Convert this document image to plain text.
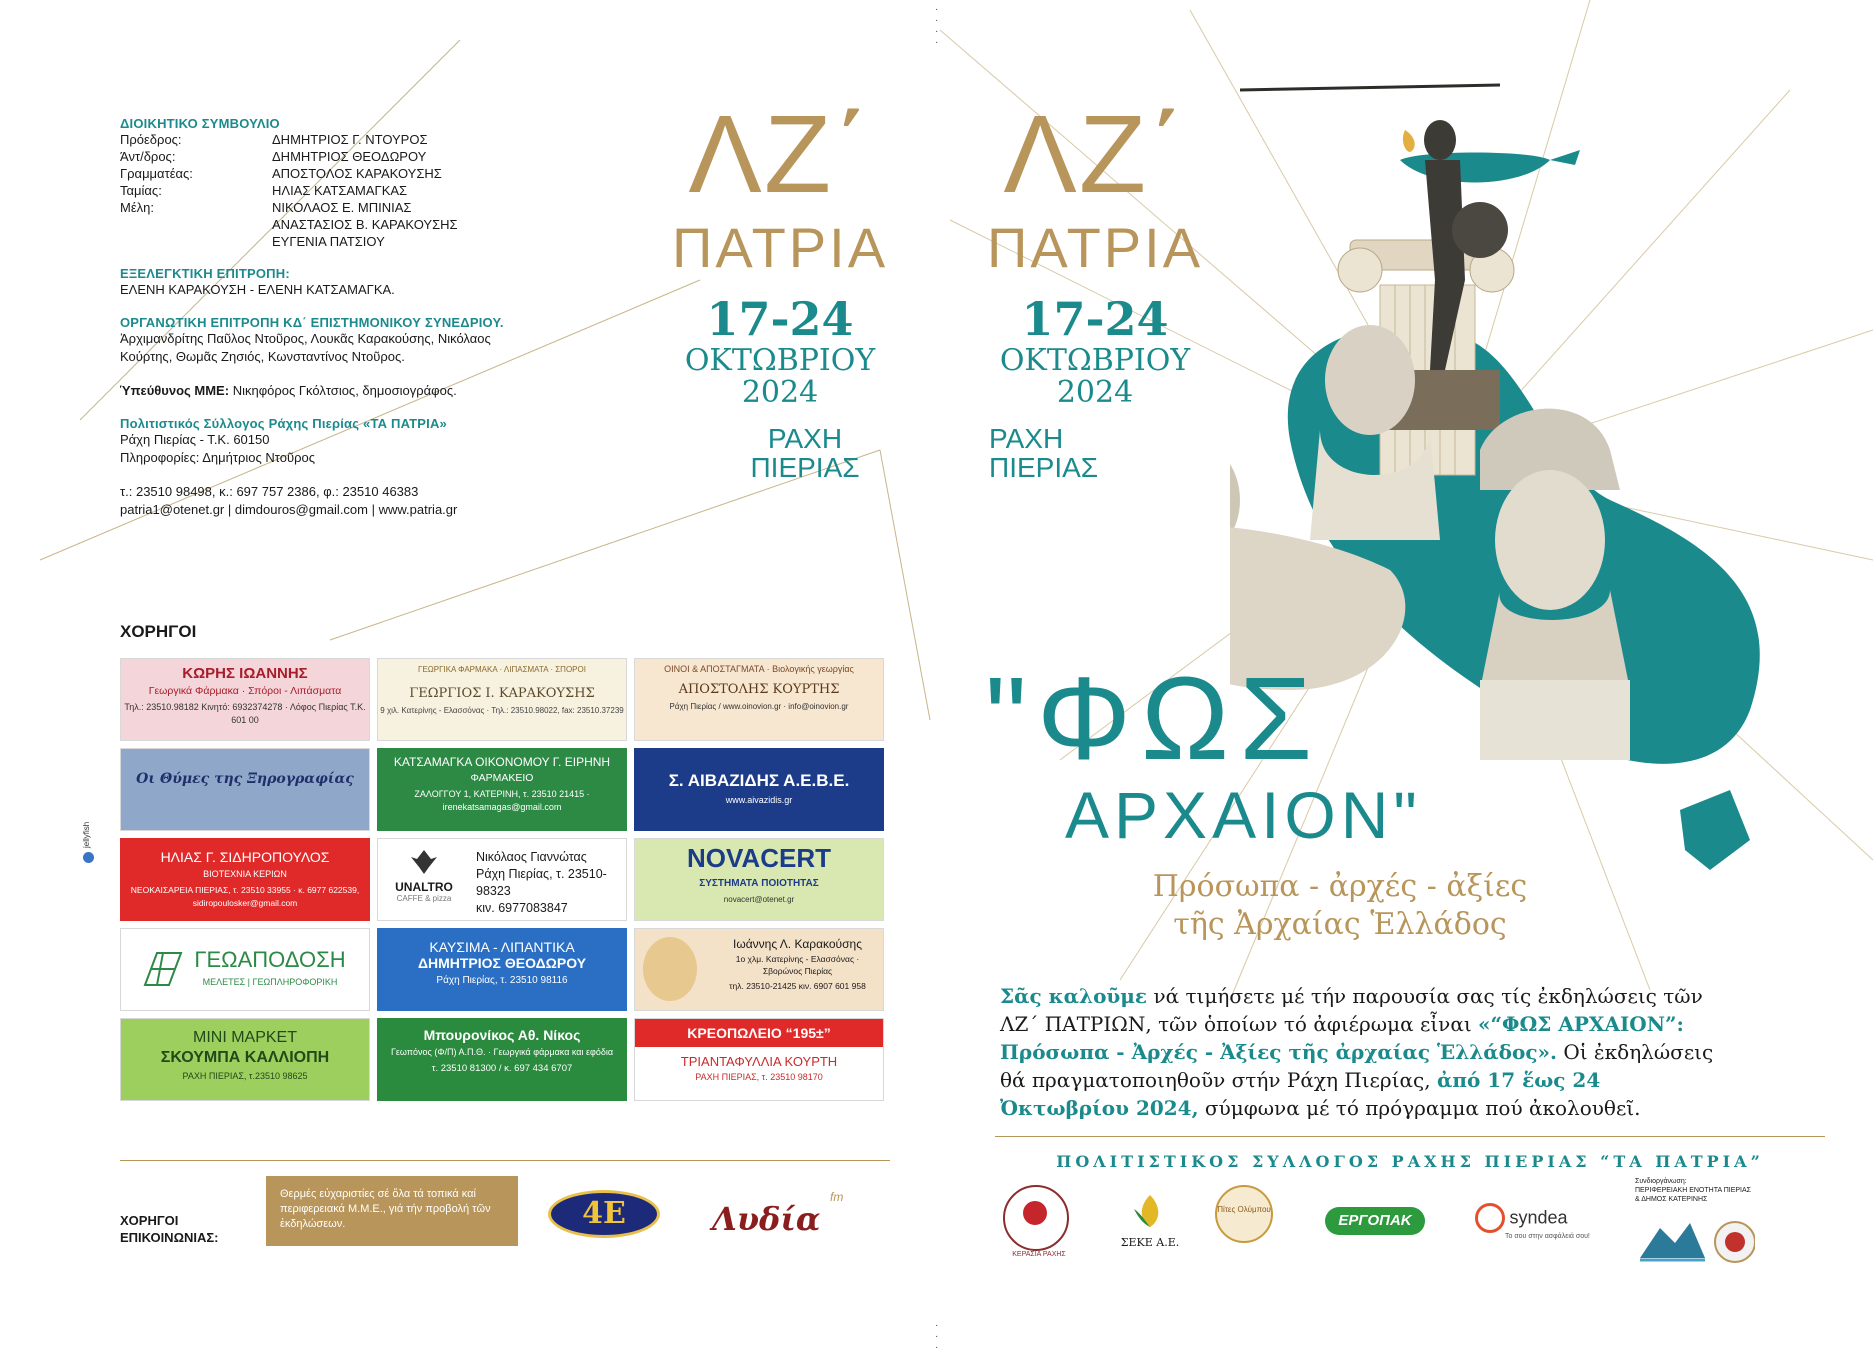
·
·
·
·
·
·
·
ΔΙΟΙΚΗΤΙΚΟ ΣΥΜΒΟΥΛΙΟ
Πρόεδρος:	ΔΗΜΗΤΡΙΟΣ Γ. ΝΤΟΥΡΟΣ
Άντ/δρος:	ΔΗΜΗΤΡΙΟΣ ΘΕΟΔΩΡΟΥ
Γραμματέας:	ΑΠΟΣΤΟΛΟΣ ΚΑΡΑΚΟΥΣΗΣ
Ταμίας:	ΗΛΙΑΣ ΚΑΤΣΑΜΑΓΚΑΣ
Μέλη:	ΝΙΚΟΛΑΟΣ Ε. ΜΠΙΝΙΑΣ
ΑΝΑΣΤΑΣΙΟΣ Β. ΚΑΡΑΚΟΥΣΗΣ
ΕΥΓΕΝΙΑ ΠΑΤΣΙΟΥ
ΕΞΕΛΕΓΚΤΙΚΗ ΕΠΙΤΡΟΠΗ:

ΕΛΕΝΗ ΚΑΡΑΚΟΥΣΗ - ΕΛΕΝΗ ΚΑΤΣΑΜΑΓΚΑ.

ΟΡΓΑΝΩΤΙΚΗ ΕΠΙΤΡΟΠΗ ΚΔ΄ ΕΠΙΣΤΗΜΟΝΙΚΟΥ ΣΥΝΕΔΡΙΟΥ.

Ἀρχιμανδρίτης Παῦλος Ντοῦρος, Λουκᾶς Καρακούσης, Νικόλαος

Κούρτης, Θωμᾶς Ζησιός, Κωνσταντίνος Ντοῦρος.

Ὑπεύθυνος ΜΜΕ: Νικηφόρος Γκόλτσιος, δημοσιογράφος.

Πολιτιστικός Σύλλογος Ράχης Πιερίας «ΤΑ ΠΑΤΡΙΑ»

Ράχη Πιερίας - Τ.Κ. 60150

Πληροφορίες: Δημήτριος Ντοῦρος

τ.: 23510 98498, κ.: 697 757 2386, φ.: 23510 46383

patria1@otenet.gr | dimdouros@gmail.com | www.patria.gr

ΛΖ΄
ΠΑΤΡΙΑ
17-24
ΟΚΤΩΒΡΙΟΥ
2024
ΡΑΧΗ
ΠΙΕΡΙΑΣ
ΛΖ΄
ΠΑΤΡΙΑ
17-24
ΟΚΤΩΒΡΙΟΥ
2024
ΡΑΧΗ
ΠΙΕΡΙΑΣ
"ΦΩΣ
ΑΡΧΑΙΟΝ"
Πρόσωπα - ἀρχές - ἀξίες
τῆς Ἀρχαίας Ἑλλάδος
Σᾶς καλοῦμε νά τιμήσετε μέ τήν παρουσία σας τίς ἐκδηλώσεις τῶν
ΛΖ΄ ΠΑΤΡΙΩΝ, τῶν ὁποίων τό ἀφιέρωμα εἶναι «“ΦΩΣ ΑΡΧΑΙΟΝ”:
Πρόσωπα - Ἀρχές - Ἀξίες τῆς ἀρχαίας Ἑλλάδος». Οἱ ἐκδηλώσεις
θά πραγματοποιηθοῦν στήν Ράχη Πιερίας, ἀπό 17 ἕως 24
Ὀκτωβρίου 2024, σύμφωνα μέ τό πρόγραμμα πού ἀκολουθεῖ.
ΠΟΛΙΤΙΣΤΙΚΟΣ ΣΥΛΛΟΓΟΣ ΡΑΧΗΣ ΠΙΕΡΙΑΣ “ΤΑ ΠΑΤΡΙΑ”
ΚΕΡΑΣΙΑ ΡΑΧΗΣ
ΣΕΚΕ Α.Ε.
Πίτες Ολύμπου
ΕΡΓΟΠΑΚ	syndea
Το σου στην ασφάλειά σου!
Συνδιοργάνωση:
ΠΕΡΙΦΕΡΕΙΑΚΗ ΕΝΟΤΗΤΑ ΠΙΕΡΙΑΣ
& ΔΗΜΟΣ ΚΑΤΕΡΙΝΗΣ
ΧΟΡΗΓΟΙ
jellyfish
ΚΩΡΗΣ ΙΩΑΝΝΗΣ
Γεωργικά Φάρμακα · Σπόροι - Λιπάσματα
Τηλ.: 23510.98182 Κινητό: 6932374278 · Λόφος Πιερίας Τ.Κ. 601 00
ΓΕΩΡΓΙΚΑ ΦΑΡΜΑΚΑ · ΛΙΠΑΣΜΑΤΑ · ΣΠΟΡΟΙ
ΓΕΩΡΓΙΟΣ Ι. ΚΑΡΑΚΟΥΣΗΣ
9 χιλ. Κατερίνης - Ελασσόνας · Τηλ.: 23510.98022, fax: 23510.37239
ΟΙΝΟΙ & ΑΠΟΣΤΑΓΜΑΤΑ · Βιολογικής γεωργίας
ΑΠΟΣΤΟΛΗΣ ΚΟΥΡΤΗΣ
Ράχη Πιερίας / www.oinovion.gr · info@oinovion.gr
Οι Θύμες της Ξηρογραφίας
ΚΑΤΣΑΜΑΓΚΑ ΟΙΚΟΝΟΜΟΥ Γ. ΕΙΡΗΝΗ
ΦΑΡΜΑΚΕΙΟ
ΖΑΛΟΓΓΟΥ 1, ΚΑΤΕΡΙΝΗ, τ. 23510 21415 · irenekatsamagas@gmail.com
Σ. ΑΙΒΑΖΙΔΗΣ Α.Ε.Β.Ε.
www.aivazidis.gr
ΗΛΙΑΣ Γ. ΣΙΔΗΡΟΠΟΥΛΟΣ
ΒΙΟΤΕΧΝΙΑ ΚΕΡΙΩΝ
ΝΕΟΚΑΙΣΑΡΕΙΑ ΠΙΕΡΙΑΣ, τ. 23510 33955 · κ. 6977 622539, sidiropoulosker@gmail.com
UNALTRO
CAFFE & pizza
Νικόλαος Γιαννώτας
Ράχη Πιερίας, τ. 23510-98323
κιν. 6977083847
NOVACERT
ΣΥΣΤΗΜΑΤΑ ΠΟΙΟΤΗΤΑΣ
novacert@otenet.gr
ΓΕΩΑΠΟΔΟΣΗ
ΜΕΛΕΤΕΣ | ΓΕΩΠΛΗΡΟΦΟΡΙΚΗ
ΚΑΥΣΙΜΑ - ΛΙΠΑΝΤΙΚΑ
ΔΗΜΗΤΡΙΟΣ ΘΕΟΔΩΡΟΥ
Ράχη Πιερίας, τ. 23510 98116
Ιωάννης Λ. Καρακούσης
1ο χλμ. Κατερίνης - Ελασσόνας · Σβορώνος Πιερίας
τηλ. 23510-21425 κιν. 6907 601 958
ΜΙΝΙ ΜΑΡΚΕΤ
ΣΚΟΥΜΠΑ ΚΑΛΛΙΟΠΗ
ΡΑΧΗ ΠΙΕΡΙΑΣ, τ.23510 98625
Μπουρονίκος Αθ. Νίκος
Γεωπόνος (Φ/Π) Α.Π.Θ. · Γεωργικά φάρμακα και εφόδια
τ. 23510 81300 / κ. 697 434 6707
ΚΡΕΟΠΩΛΕΙΟ “195±”
ΤΡΙΑΝΤΑΦΥΛΛΙΑ ΚΟΥΡΤΗ
ΡΑΧΗ ΠΙΕΡΙΑΣ, τ. 23510 98170
ΧΟΡΗΓΟΙ
ΕΠΙΚΟΙΝΩΝΙΑΣ:
Θερμές εὐχαριστίες σέ ὅλα τά τοπικά καί περιφερειακά Μ.Μ.Ε., γιά τήν προβολή τῶν ἐκδηλώσεων.	4E	Λυδία
fm
